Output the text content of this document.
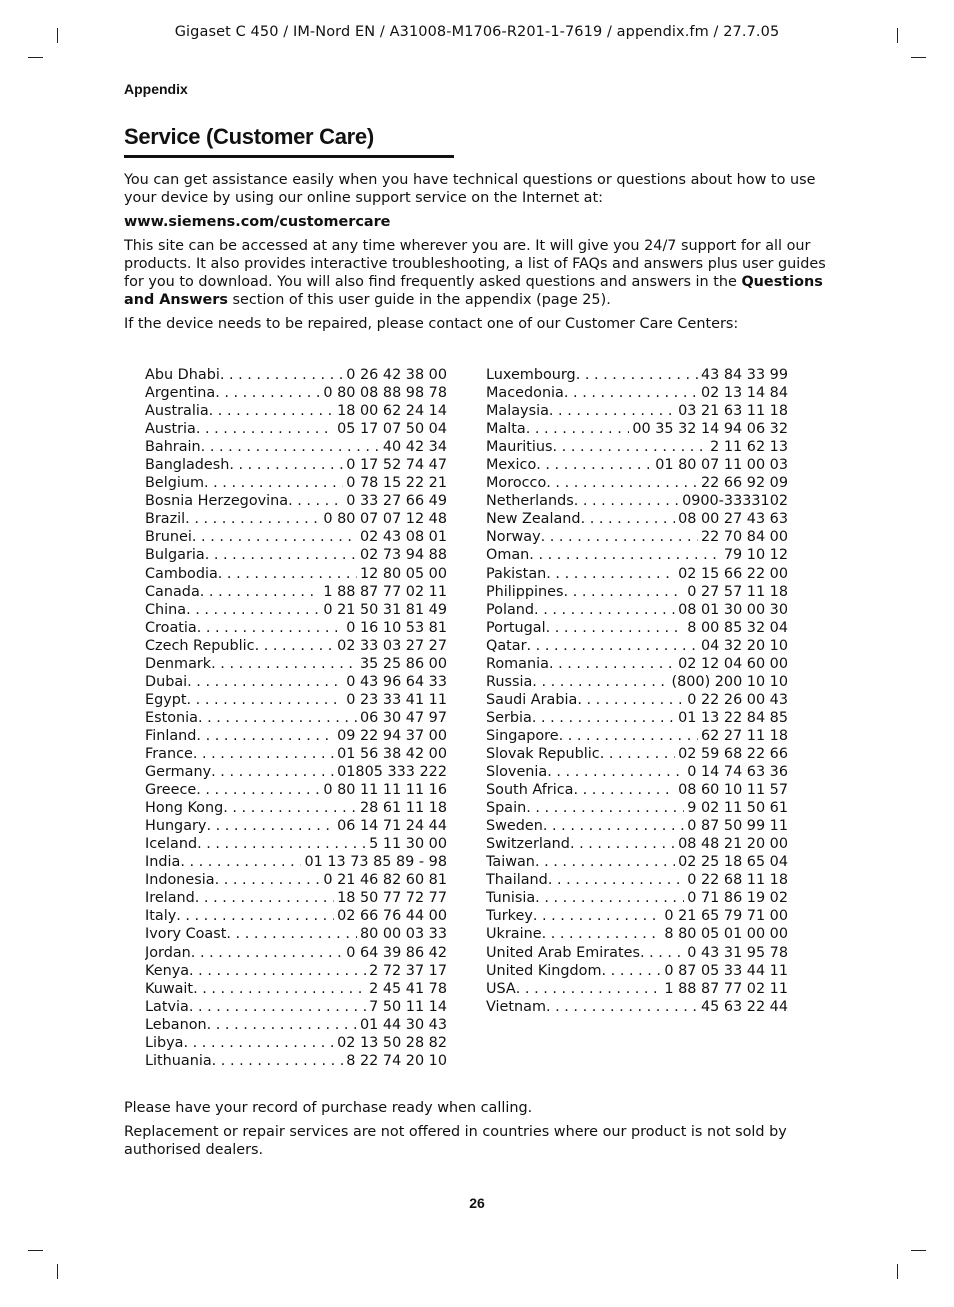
Gigaset C 450 / IM-Nord EN / A31008-M1706-R201-1-7619 / appendix.fm / 27.7.05
Appendix
Service (Customer Care)

You can get assistance easily when you have technical questions or questions about how to use your device by using our online support service on the Internet at:

www.siemens.com/customercare

This site can be accessed at any time wherever you are. It will give you 24/7 support for all our products. It also provides interactive troubleshooting, a list of FAQs and answers plus user guides for you to download. You will also find frequently asked questions and answers in the Questions and Answers section of this user guide in the appendix (page 25).

If the device needs to be repaired, please contact one of our Customer Care Centers:

Abu Dhabi . . .	0 26 42 38 00
Argentina . . .	0 80 08 88 98 78
Australia . . .	18 00 62 24 14
Austria . . .	05 17 07 50 04
Bahrain . . .	40 42 34
Bangladesh . . .	0 17 52 74 47
Belgium . . .	0 78 15 22 21
Bosnia Herzegovina . . .	0 33 27 66 49
Brazil . . .	0 80 07 07 12 48
Brunei . . .	02 43 08 01
Bulgaria . . .	02 73 94 88
Cambodia . . .	12 80 05 00
Canada . . .	1 88 87 77 02 11
China . . .	0 21 50 31 81 49
Croatia . . .	0 16 10 53 81
Czech Republic . . .	02 33 03 27 27
Denmark . . .	35 25 86 00
Dubai . . .	0 43 96 64 33
Egypt . . .	0 23 33 41 11
Estonia . . .	06 30 47 97
Finland . . .	09 22 94 37 00
France . . .	01 56 38 42 00
Germany . . .	01805 333 222
Greece . . .	0 80 11 11 11 16
Hong Kong . . .	28 61 11 18
Hungary . . .	06 14 71 24 44
Iceland . . .	5 11 30 00
India . . .	01 13 73 85 89 - 98
Indonesia . . .	0 21 46 82 60 81
Ireland . . .	18 50 77 72 77
Italy . . .	02 66 76 44 00
Ivory Coast . . .	80 00 03 33
Jordan . . .	0 64 39 86 42
Kenya . . .	2 72 37 17
Kuwait . . .	2 45 41 78
Latvia . . .	7 50 11 14
Lebanon . . .	01 44 30 43
Libya . . .	02 13 50 28 82
Lithuania . . .	8 22 74 20 10
Luxembourg . . .	43 84 33 99
Macedonia . . .	02 13 14 84
Malaysia . . .	03 21 63 11 18
Malta . . .	00 35 32 14 94 06 32
Mauritius . . .	2 11 62 13
Mexico . . .	01 80 07 11 00 03
Morocco . . .	22 66 92 09
Netherlands . . .	0900-3333102
New Zealand . . .	08 00 27 43 63
Norway . . .	22 70 84 00
Oman . . .	79 10 12
Pakistan . . .	02 15 66 22 00
Philippines . . .	0 27 57 11 18
Poland . . .	08 01 30 00 30
Portugal . . .	8 00 85 32 04
Qatar . . .	04 32 20 10
Romania . . .	02 12 04 60 00
Russia . . .	(800) 200 10 10
Saudi Arabia . . .	0 22 26 00 43
Serbia . . .	01 13 22 84 85
Singapore . . .	62 27 11 18
Slovak Republic . . .	02 59 68 22 66
Slovenia . . .	0 14 74 63 36
South Africa . . .	08 60 10 11 57
Spain . . .	9 02 11 50 61
Sweden . . .	0 87 50 99 11
Switzerland . . .	08 48 21 20 00
Taiwan . . .	02 25 18 65 04
Thailand . . .	0 22 68 11 18
Tunisia . . .	0 71 86 19 02
Turkey . . .	0 21 65 79 71 00
Ukraine . . .	8 80 05 01 00 00
United Arab Emirates . . .	0 43 31 95 78
United Kingdom . . .	0 87 05 33 44 11
USA . . .	1 88 87 77 02 11
Vietnam . . .	45 63 22 44

Please have your record of purchase ready when calling.

Replacement or repair services are not offered in countries where our product is not sold by authorised dealers.

26
